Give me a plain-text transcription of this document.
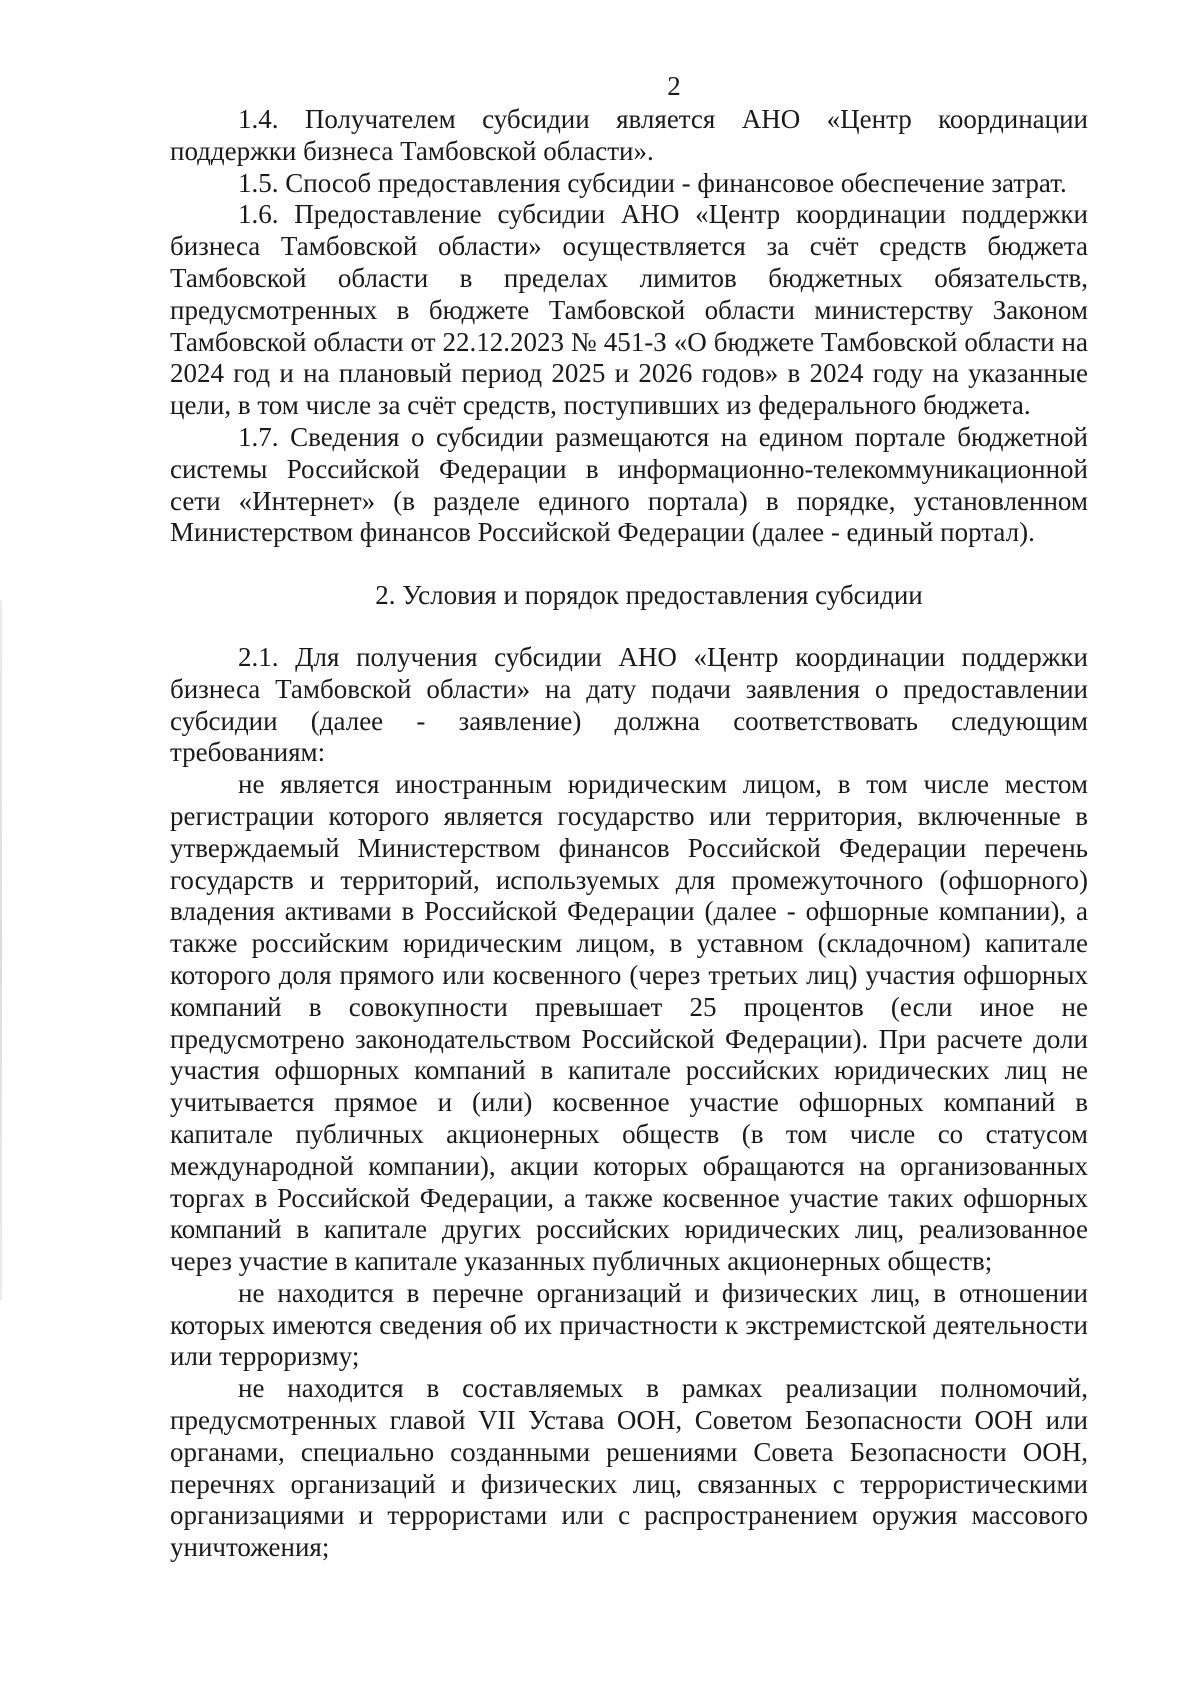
2

1.4. Получателем субсидии является АНО «Центр координации поддержки бизнеса Тамбовской области».

1.5. Способ предоставления субсидии - финансовое обеспечение затрат.

1.6. Предоставление субсидии АНО «Центр координации поддержки бизнеса Тамбовской области» осуществляется за счёт средств бюджета Тамбовской области в пределах лимитов бюджетных обязательств, предусмотренных в бюджете Тамбовской области министерству Законом Тамбовской области от 22.12.2023 № 451-З «О бюджете Тамбовской области на 2024 год и на плановый период 2025 и 2026 годов» в 2024 году на указанные цели, в том числе за счёт средств, поступивших из федерального бюджета.

1.7. Сведения о субсидии размещаются на едином портале бюджетной системы Российской Федерации в информационно-телекоммуникационной сети «Интернет» (в разделе единого портала) в порядке, установленном Министерством финансов Российской Федерации (далее - единый портал).

2. Условия и порядок предоставления субсидии

2.1. Для получения субсидии АНО «Центр координации поддержки бизнеса Тамбовской области» на дату подачи заявления о предоставлении субсидии (далее - заявление) должна соответствовать следующим требованиям:

не является иностранным юридическим лицом, в том числе местом регистрации которого является государство или территория, включенные в утверждаемый Министерством финансов Российской Федерации перечень государств и территорий, используемых для промежуточного (офшорного) владения активами в Российской Федерации (далее - офшорные компании), а также российским юридическим лицом, в уставном (складочном) капитале которого доля прямого или косвенного (через третьих лиц) участия офшорных компаний в совокупности превышает 25 процентов (если иное не предусмотрено законодательством Российской Федерации). При расчете доли участия офшорных компаний в капитале российских юридических лиц не учитывается прямое и (или) косвенное участие офшорных компаний в капитале публичных акционерных обществ (в том числе со статусом международной компании), акции которых обращаются на организованных торгах в Российской Федерации, а также косвенное участие таких офшорных компаний в капитале других российских юридических лиц, реализованное через участие в капитале указанных публичных акционерных обществ;

не находится в перечне организаций и физических лиц, в отношении которых имеются сведения об их причастности к экстремистской деятельности или терроризму;

не находится в составляемых в рамках реализации полномочий, предусмотренных главой VII Устава ООН, Советом Безопасности ООН или органами, специально созданными решениями Совета Безопасности ООН, перечнях организаций и физических лиц, связанных с террористическими организациями и террористами или с распространением оружия массового уничтожения;
